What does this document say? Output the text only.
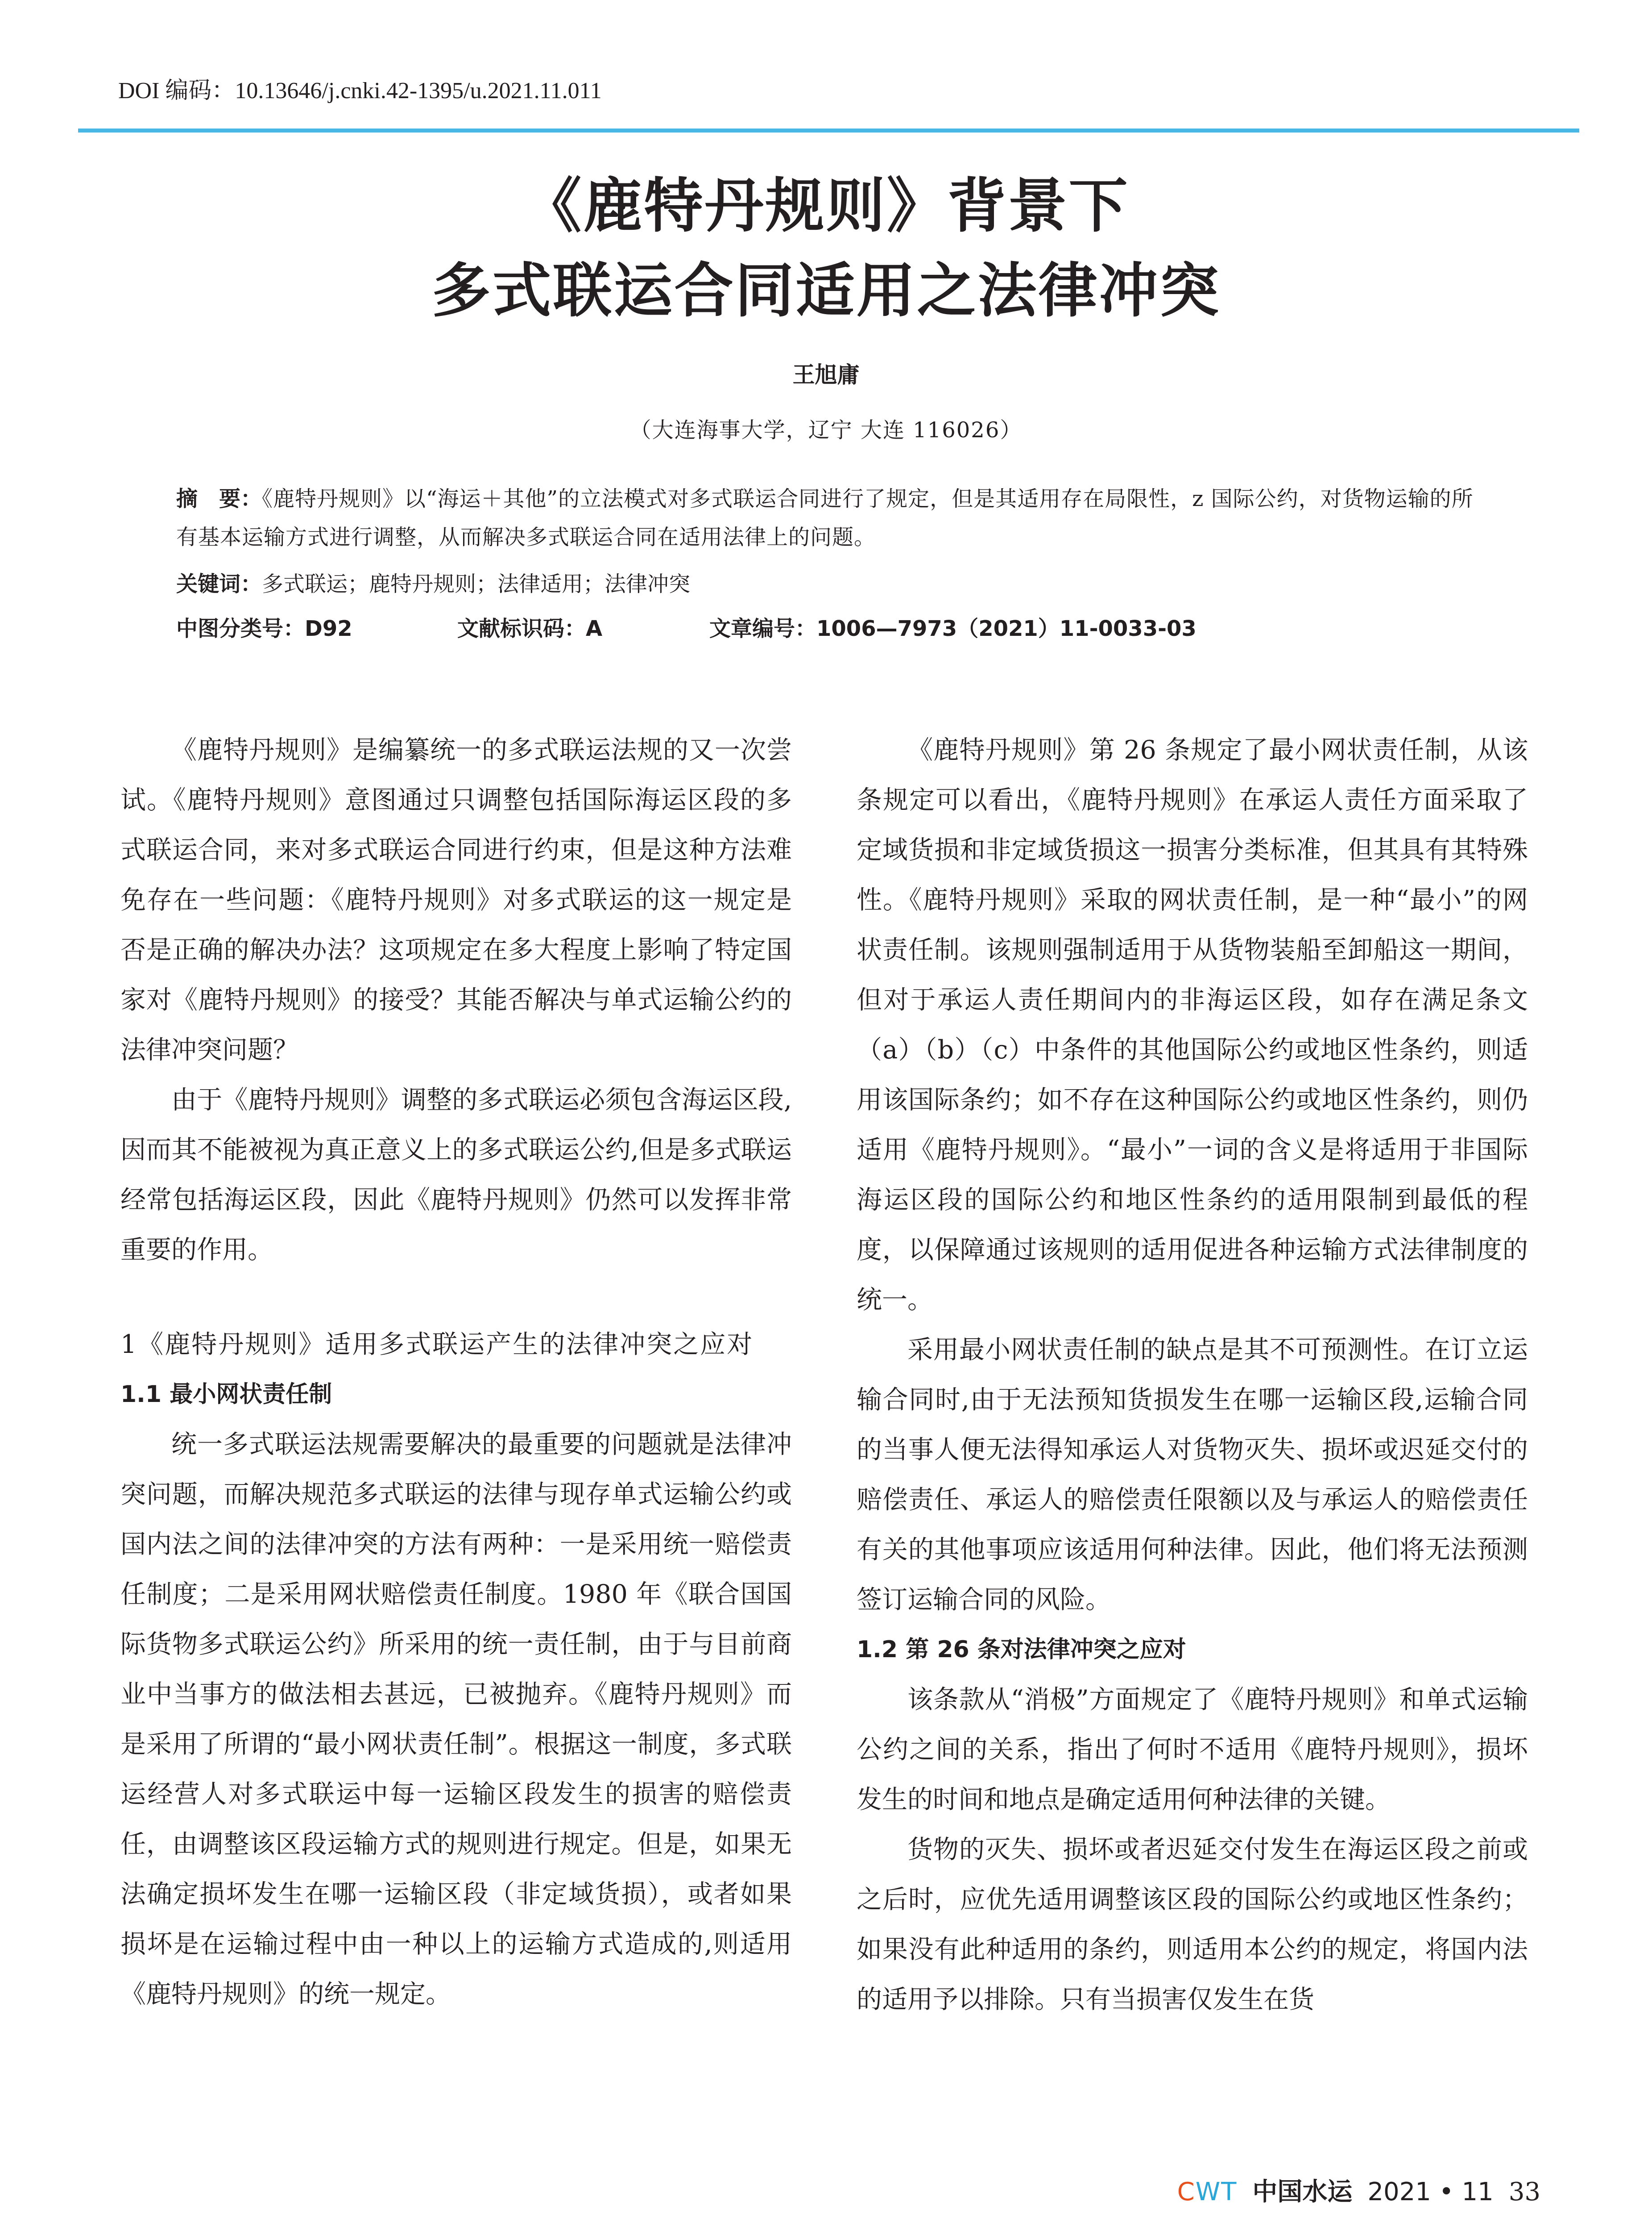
DOI 编码：10.13646/j.cnki.42-1395/u.2021.11.011
《鹿特丹规则》背景下
多式联运合同适用之法律冲突
王旭庸
（大连海事大学，辽宁 大连 116026）
摘　要：《鹿特丹规则》以“海运＋其他”的立法模式对多式联运合同进行了规定，但是其适用存在局限性，z 国际公约，对货物运输的所有基本运输方式进行调整，从而解决多式联运合同在适用法律上的问题。
关键词：多式联运；鹿特丹规则；法律适用；法律冲突
中图分类号：D92	文献标识码：A	文章编号：1006—7973（2021）11-0033-03

《鹿特丹规则》是编纂统一的多式联运法规的又一次尝试。《鹿特丹规则》意图通过只调整包括国际海运区段的多式联运合同，来对多式联运合同进行约束，但是这种方法难免存在一些问题：《鹿特丹规则》对多式联运的这一规定是否是正确的解决办法？这项规定在多大程度上影响了特定国家对《鹿特丹规则》的接受？其能否解决与单式运输公约的法律冲突问题？

由于《鹿特丹规则》调整的多式联运必须包含海运区段,因而其不能被视为真正意义上的多式联运公约,但是多式联运经常包括海运区段，因此《鹿特丹规则》仍然可以发挥非常重要的作用。

1《鹿特丹规则》适用多式联运产生的法律冲突之应对

1.1 最小网状责任制

统一多式联运法规需要解决的最重要的问题就是法律冲突问题，而解决规范多式联运的法律与现存单式运输公约或国内法之间的法律冲突的方法有两种：一是采用统一赔偿责任制度；二是采用网状赔偿责任制度。1980 年《联合国国际货物多式联运公约》所采用的统一责任制，由于与目前商业中当事方的做法相去甚远，已被抛弃。《鹿特丹规则》而是采用了所谓的“最小网状责任制”。根据这一制度，多式联运经营人对多式联运中每一运输区段发生的损害的赔偿责任，由调整该区段运输方式的规则进行规定。但是，如果无法确定损坏发生在哪一运输区段（非定域货损），或者如果损坏是在运输过程中由一种以上的运输方式造成的,则适用《鹿特丹规则》的统一规定。

《鹿特丹规则》第 26 条规定了最小网状责任制，从该条规定可以看出，《鹿特丹规则》在承运人责任方面采取了定域货损和非定域货损这一损害分类标准，但其具有其特殊性。《鹿特丹规则》采取的网状责任制，是一种“最小”的网状责任制。该规则强制适用于从货物装船至卸船这一期间，但对于承运人责任期间内的非海运区段，如存在满足条文（a）（b）（c）中条件的其他国际公约或地区性条约，则适用该国际条约；如不存在这种国际公约或地区性条约，则仍适用《鹿特丹规则》。“最小”一词的含义是将适用于非国际海运区段的国际公约和地区性条约的适用限制到最低的程度，以保障通过该规则的适用促进各种运输方式法律制度的统一。

采用最小网状责任制的缺点是其不可预测性。在订立运输合同时,由于无法预知货损发生在哪一运输区段,运输合同的当事人便无法得知承运人对货物灭失、损坏或迟延交付的赔偿责任、承运人的赔偿责任限额以及与承运人的赔偿责任有关的其他事项应该适用何种法律。因此，他们将无法预测签订运输合同的风险。

1.2 第 26 条对法律冲突之应对

该条款从“消极”方面规定了《鹿特丹规则》和单式运输公约之间的关系，指出了何时不适用《鹿特丹规则》，损坏发生的时间和地点是确定适用何种法律的关键。

货物的灭失、损坏或者迟延交付发生在海运区段之前或之后时，应优先适用调整该区段的国际公约或地区性条约；如果没有此种适用的条约，则适用本公约的规定，将国内法的适用予以排除。只有当损害仅发生在货

CWT 中国水运 2021 • 11 33
